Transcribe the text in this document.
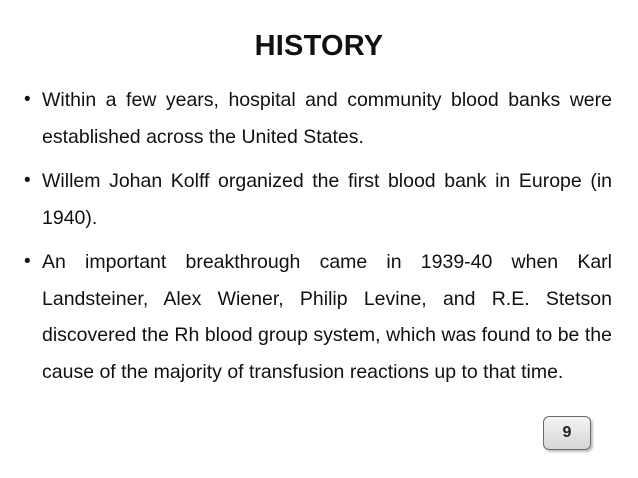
HISTORY
• Within a few years, hospital and community blood banks were established across the United States.
• Willem Johan Kolff organized the first blood bank in Europe (in 1940).
• An important breakthrough came in 1939-40 when Karl Landsteiner, Alex Wiener, Philip Levine, and R.E. Stetson discovered the Rh blood group system, which was found to be the cause of the majority of transfusion reactions up to that time.
9
